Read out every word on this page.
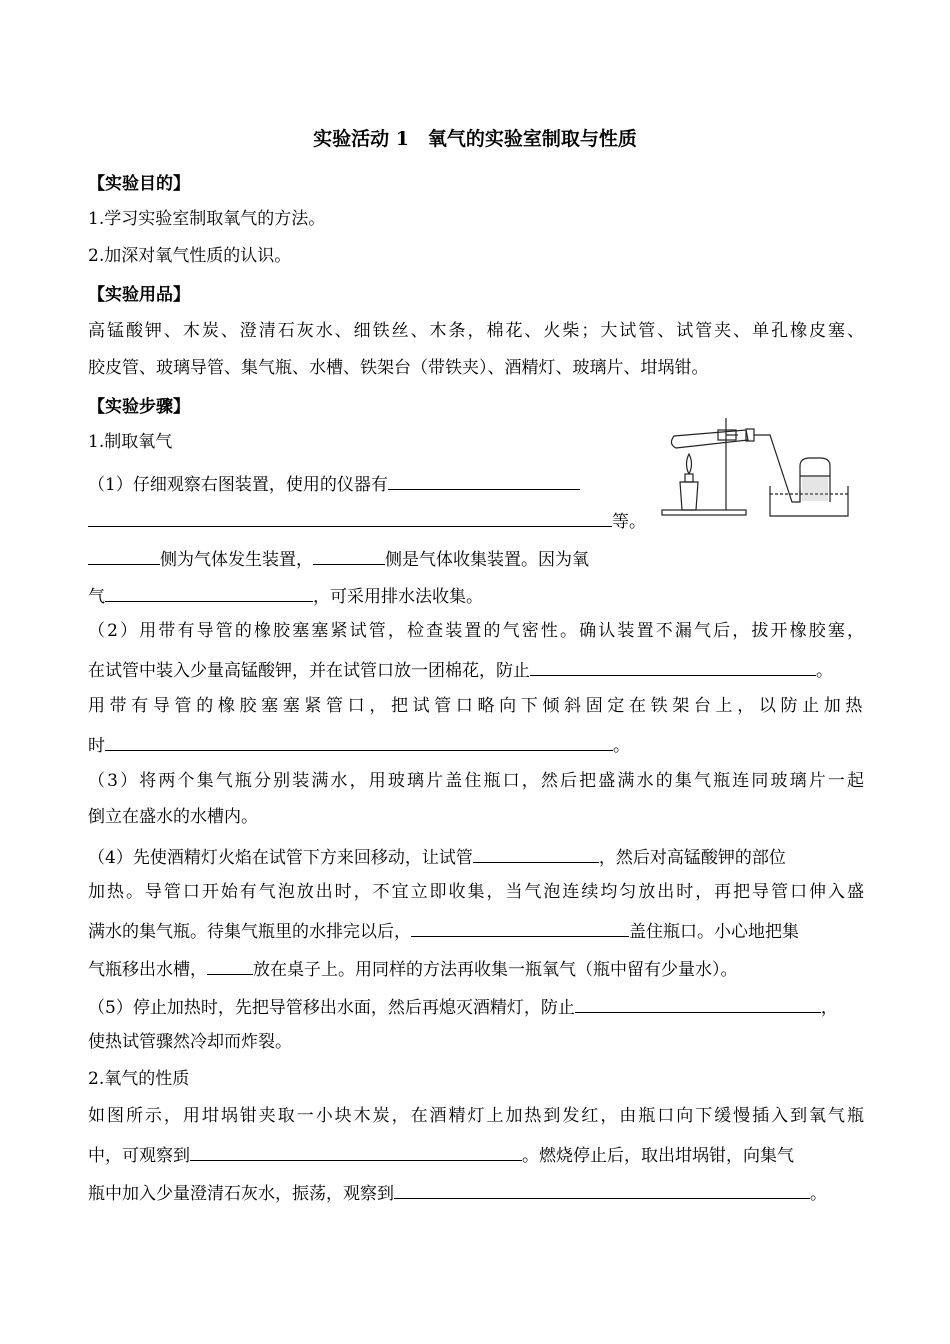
实验活动 1　氧气的实验室制取与性质
【实验目的】
1.学习实验室制取氧气的方法。
2.加深对氧气性质的认识。
【实验用品】
高锰酸钾、木炭、澄清石灰水、细铁丝、木条，棉花、火柴；大试管、试管夹、单孔橡皮塞、
胶皮管、玻璃导管、集气瓶、水槽、铁架台（带铁夹）、酒精灯、玻璃片、坩埚钳。
【实验步骤】
1.制取氧气
（1）仔细观察右图装置，使用的仪器有
等。
侧为气体发生装置，	侧是气体收集装置。因为氧
气	，可采用排水法收集。
（2）用带有导管的橡胶塞塞紧试管，检查装置的气密性。确认装置不漏气后，拔开橡胶塞，
在试管中装入少量高锰酸钾，并在试管口放一团棉花，防止	。
用带有导管的橡胶塞塞紧管口，把试管口略向下倾斜固定在铁架台上，以防止加热
时	。
（3）将两个集气瓶分别装满水，用玻璃片盖住瓶口，然后把盛满水的集气瓶连同玻璃片一起
倒立在盛水的水槽内。
（4）先使酒精灯火焰在试管下方来回移动，让试管	，然后对高锰酸钾的部位
加热。导管口开始有气泡放出时，不宜立即收集，当气泡连续均匀放出时，再把导管口伸入盛
满水的集气瓶。待集气瓶里的水排完以后，	盖住瓶口。小心地把集
气瓶移出水槽，	放在桌子上。用同样的方法再收集一瓶氧气（瓶中留有少量水）。
（5）停止加热时，先把导管移出水面，然后再熄灭酒精灯，防止	，
使热试管骤然冷却而炸裂。
2.氧气的性质
如图所示，用坩埚钳夹取一小块木炭，在酒精灯上加热到发红，由瓶口向下缓慢插入到氧气瓶
中，可观察到	。燃烧停止后，取出坩埚钳，向集气
瓶中加入少量澄清石灰水，振荡，观察到	。
